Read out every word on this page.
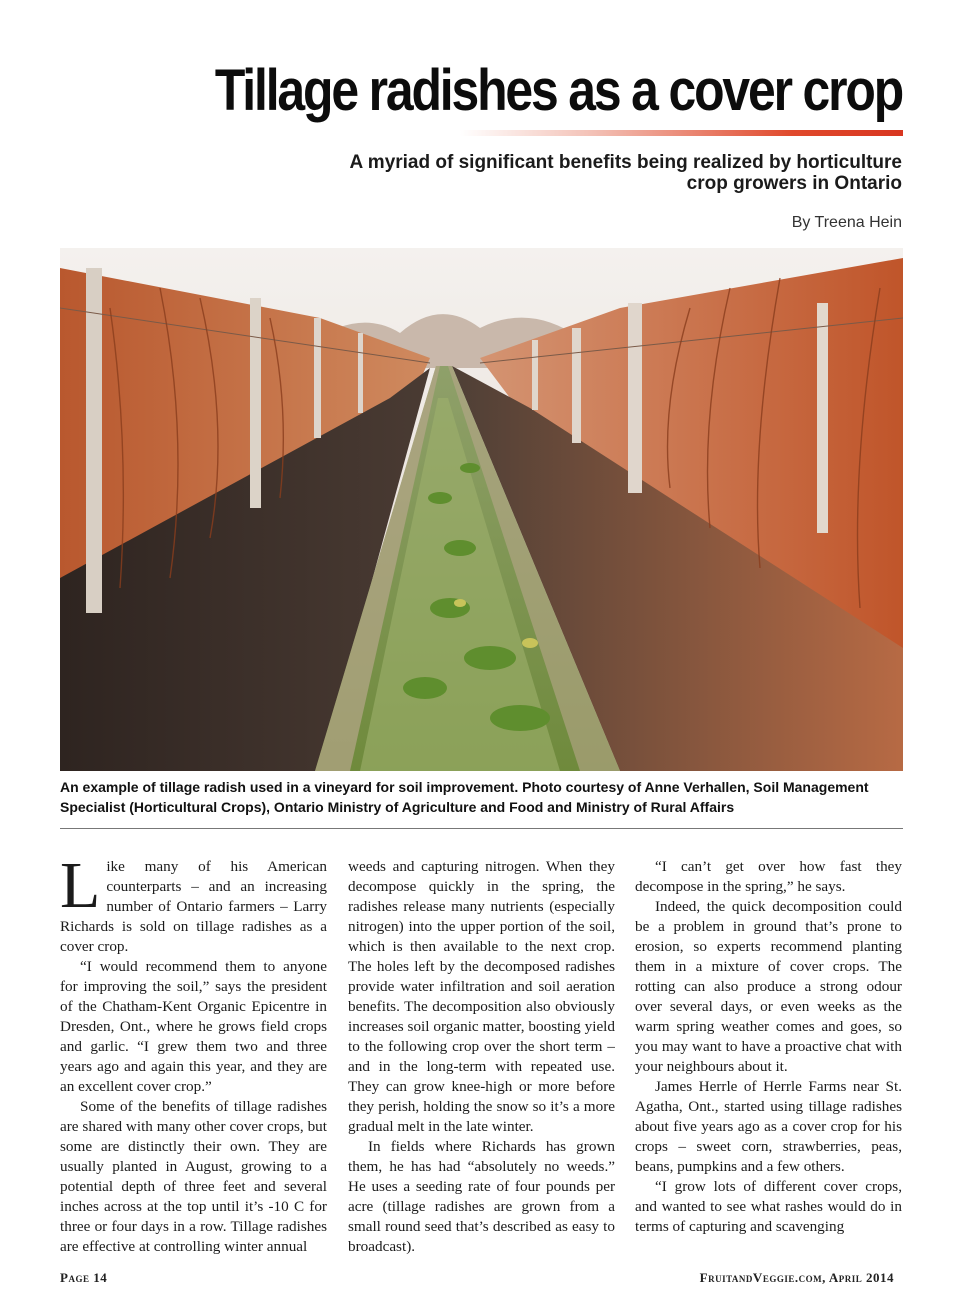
Tillage radishes as a cover crop
A myriad of significant benefits being realized by horticulture crop growers in Ontario
By Treena Hein

An example of tillage radish used in a vineyard for soil improvement. Photo courtesy of Anne Verhallen, Soil Management Specialist (Horticultural Crops), Ontario Ministry of Agriculture and Food and Ministry of Rural Affairs

Like many of his American counterparts – and an increasing number of Ontario farmers – Larry Richards is sold on tillage radishes as a cover crop.

“I would recommend them to anyone for improving the soil,” says the president of the Chatham-Kent Organic Epicentre in Dresden, Ont., where he grows field crops and garlic. “I grew them two and three years ago and again this year, and they are an excellent cover crop.”

Some of the benefits of tillage radishes are shared with many other cover crops, but some are distinctly their own. They are usually planted in August, growing to a potential depth of three feet and several inches across at the top until it’s -10 C for three or four days in a row. Tillage radishes are effective at controlling winter annual

weeds and capturing nitrogen. When they decompose quickly in the spring, the radishes release many nutrients (especially nitrogen) into the upper portion of the soil, which is then available to the next crop. The holes left by the decomposed radishes provide water infiltration and soil aeration benefits. The decomposition also obviously increases soil organic matter, boosting yield to the following crop over the short term – and in the long-term with repeated use. They can grow knee-high or more before they perish, holding the snow so it’s a more gradual melt in the late winter.

In fields where Richards has grown them, he has had “absolutely no weeds.” He uses a seeding rate of four pounds per acre (tillage radishes are grown from a small round seed that’s described as easy to broadcast).

“I can’t get over how fast they decompose in the spring,” he says.

Indeed, the quick decomposition could be a problem in ground that’s prone to erosion, so experts recommend planting them in a mixture of cover crops. The rotting can also produce a strong odour over several days, or even weeks as the warm spring weather comes and goes, so you may want to have a proactive chat with your neighbours about it.

James Herrle of Herrle Farms near St. Agatha, Ont., started using tillage radishes about five years ago as a cover crop for his crops – sweet corn, strawberries, peas, beans, pumpkins and a few others.

“I grow lots of different cover crops, and wanted to see what rashes would do in terms of capturing and scavenging

Page 14	FruitandVeggie.com, April 2014
